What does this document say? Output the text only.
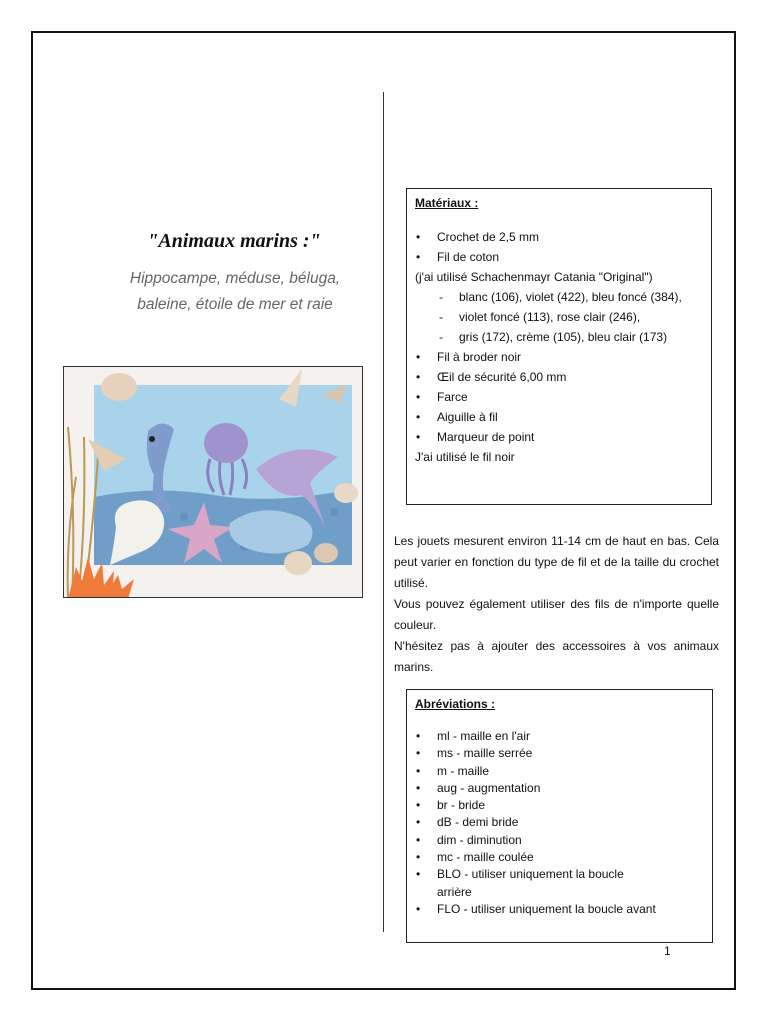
"Animaux marins :"
Hippocampe, méduse, béluga,
baleine, étoile de mer et raie

Matériaux :

• Crochet de 2,5 mm
• Fil de coton

(j'ai utilisé Schachenmayr Catania "Original")

- blanc (106), violet (422), bleu foncé (384),
- violet foncé (113), rose clair (246),
- gris (172), crème (105), bleu clair (173)
• Fil à broder noir
• Œil de sécurité 6,00 mm
• Farce
• Aiguille à fil
• Marqueur de point

J'ai utilisé le fil noir

Les jouets mesurent environ 11-14 cm de haut en bas. Cela peut varier en fonction du type de fil et de la taille du crochet utilisé.

Vous pouvez également utiliser des fils de n'importe quelle couleur.

N'hésitez pas à ajouter des accessoires à vos animaux marins.

Abréviations :

• ml - maille en l'air
• ms - maille serrée
• m - maille
• aug - augmentation
• br - bride
• dB - demi bride
• dim - diminution
• mc - maille coulée
• BLO - utiliser uniquement la boucle
arrière
• FLO - utiliser uniquement la boucle avant
1
